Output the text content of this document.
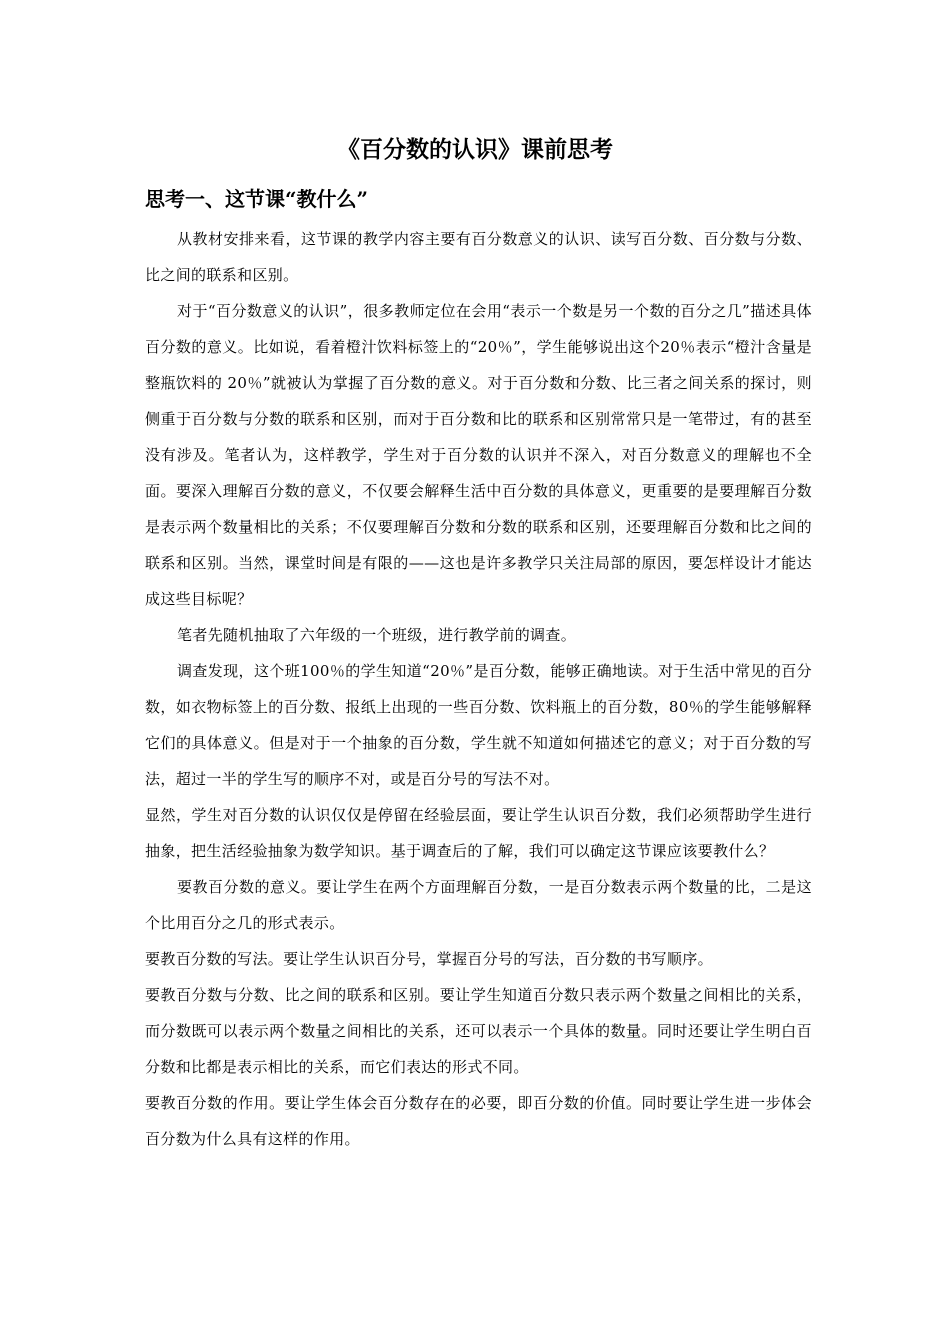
《百分数的认识》课前思考
思考一、这节课“教什么”

从教材安排来看，这节课的教学内容主要有百分数意义的认识、读写百分数、百分数与分数、比之间的联系和区别。

对于“百分数意义的认识”，很多教师定位在会用“表示一个数是另一个数的百分之几”描述具体百分数的意义。比如说，看着橙汁饮料标签上的“20％”，学生能够说出这个20％表示“橙汁含量是整瓶饮料的 20％”就被认为掌握了百分数的意义。对于百分数和分数、比三者之间关系的探讨，则侧重于百分数与分数的联系和区别，而对于百分数和比的联系和区别常常只是一笔带过，有的甚至没有涉及。笔者认为，这样教学，学生对于百分数的认识并不深入，对百分数意义的理解也不全面。要深入理解百分数的意义，不仅要会解释生活中百分数的具体意义，更重要的是要理解百分数是表示两个数量相比的关系；不仅要理解百分数和分数的联系和区别，还要理解百分数和比之间的联系和区别。当然，课堂时间是有限的——这也是许多教学只关注局部的原因，要怎样设计才能达成这些目标呢？

笔者先随机抽取了六年级的一个班级，进行教学前的调查。

调查发现，这个班100％的学生知道“20％”是百分数，能够正确地读。对于生活中常见的百分数，如衣物标签上的百分数、报纸上出现的一些百分数、饮料瓶上的百分数，80％的学生能够解释它们的具体意义。但是对于一个抽象的百分数，学生就不知道如何描述它的意义；对于百分数的写法，超过一半的学生写的顺序不对，或是百分号的写法不对。

显然，学生对百分数的认识仅仅是停留在经验层面，要让学生认识百分数，我们必须帮助学生进行抽象，把生活经验抽象为数学知识。基于调查后的了解，我们可以确定这节课应该要教什么？

要教百分数的意义。要让学生在两个方面理解百分数，一是百分数表示两个数量的比，二是这个比用百分之几的形式表示。

要教百分数的写法。要让学生认识百分号，掌握百分号的写法，百分数的书写顺序。

要教百分数与分数、比之间的联系和区别。要让学生知道百分数只表示两个数量之间相比的关系，而分数既可以表示两个数量之间相比的关系，还可以表示一个具体的数量。同时还要让学生明白百分数和比都是表示相比的关系，而它们表达的形式不同。

要教百分数的作用。要让学生体会百分数存在的必要，即百分数的价值。同时要让学生进一步体会百分数为什么具有这样的作用。
